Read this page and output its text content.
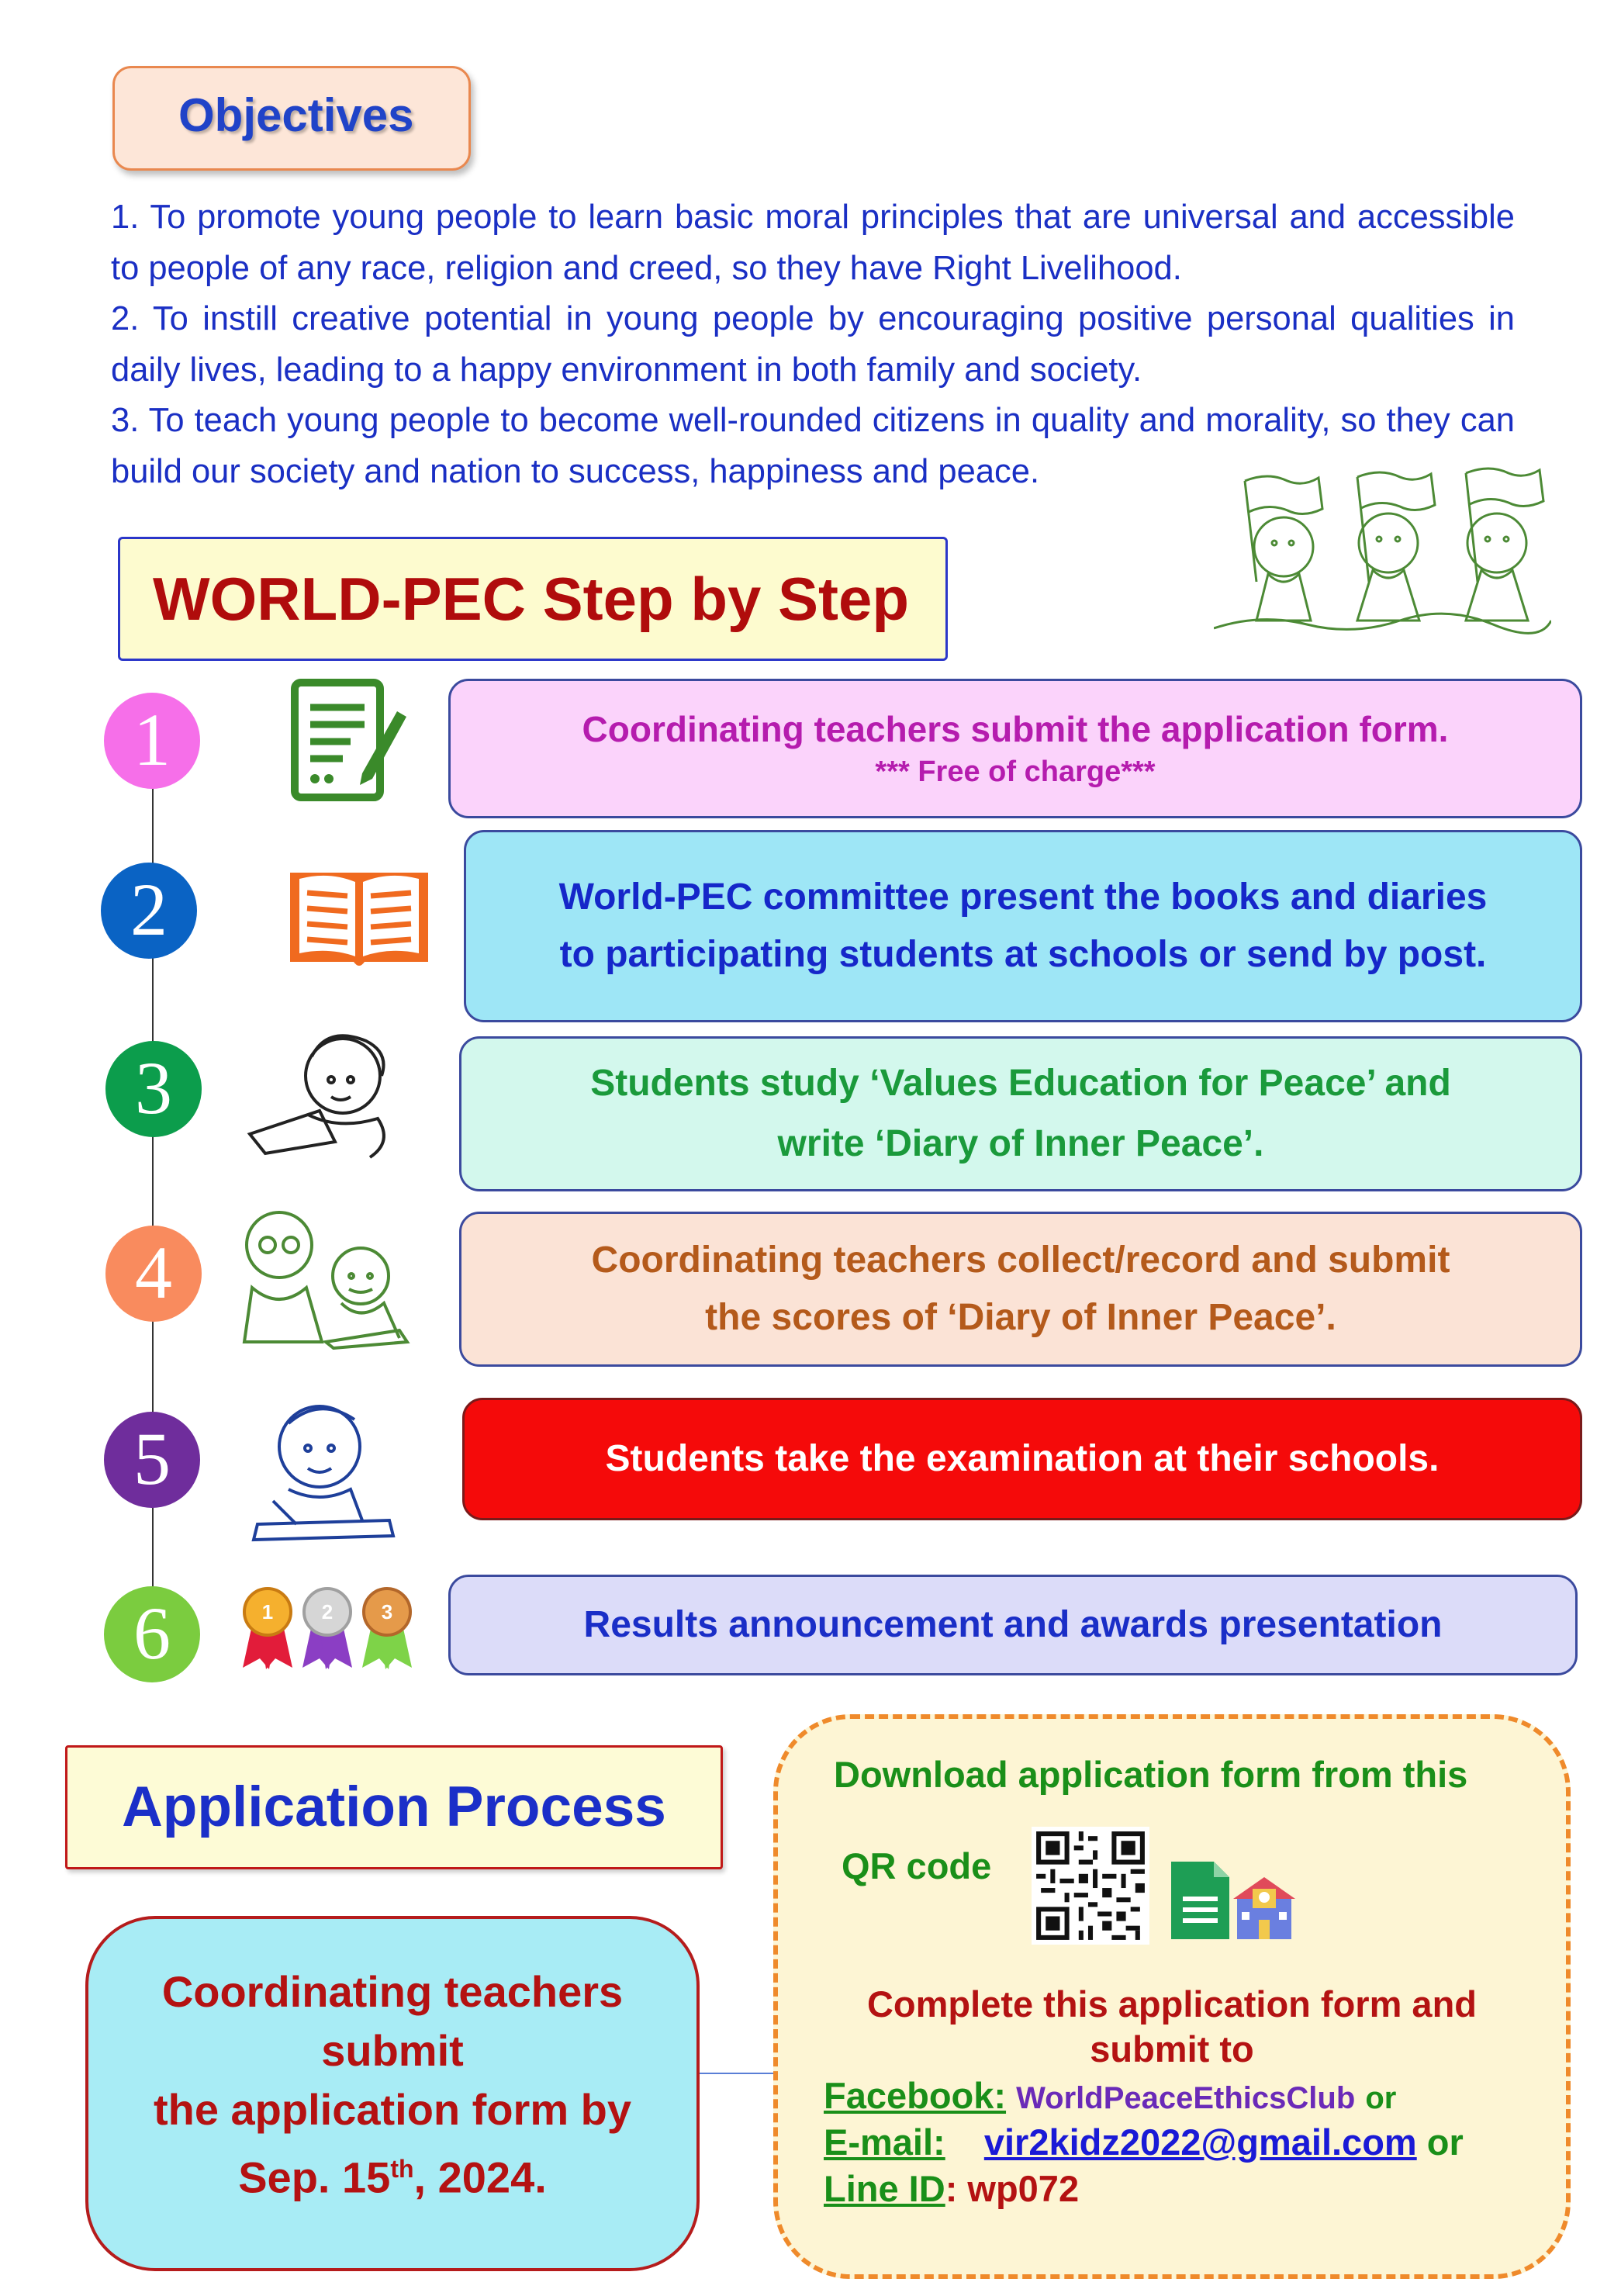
Objectives

1. To promote young people to learn basic moral principles that are universal and accessible to people of any race, religion and creed, so they have Right Livelihood.

2. To instill creative potential in young people by encouraging positive personal qualities in daily lives, leading to a happy environment in both family and society.

3. To teach young people to become well-rounded citizens in quality and morality, so they can build our society and nation to success, happiness and peace.

WORLD-PEC Step by Step
1	Coordinating teachers submit the application form.
*** Free of charge***
2	World-PEC committee present the books and diaries
to participating students at schools or send by post.
3	Students study ‘Values Education for Peace’ and
write ‘Diary of Inner Peace’.
4	Coordinating teachers collect/record and submit
the scores of ‘Diary of Inner Peace’.
5	Students take the examination at their schools.
6	1 2 3	Results announcement and awards presentation
Application Process
Coordinating teachers
submit
the application form by
Sep. 15th, 2024.
Download application form from this
QR code
Complete this application form and
submit to
Facebook: WorldPeaceEthicsClub or
E-mail: vir2kidz2022@gmail.com or
Line ID: wp072
